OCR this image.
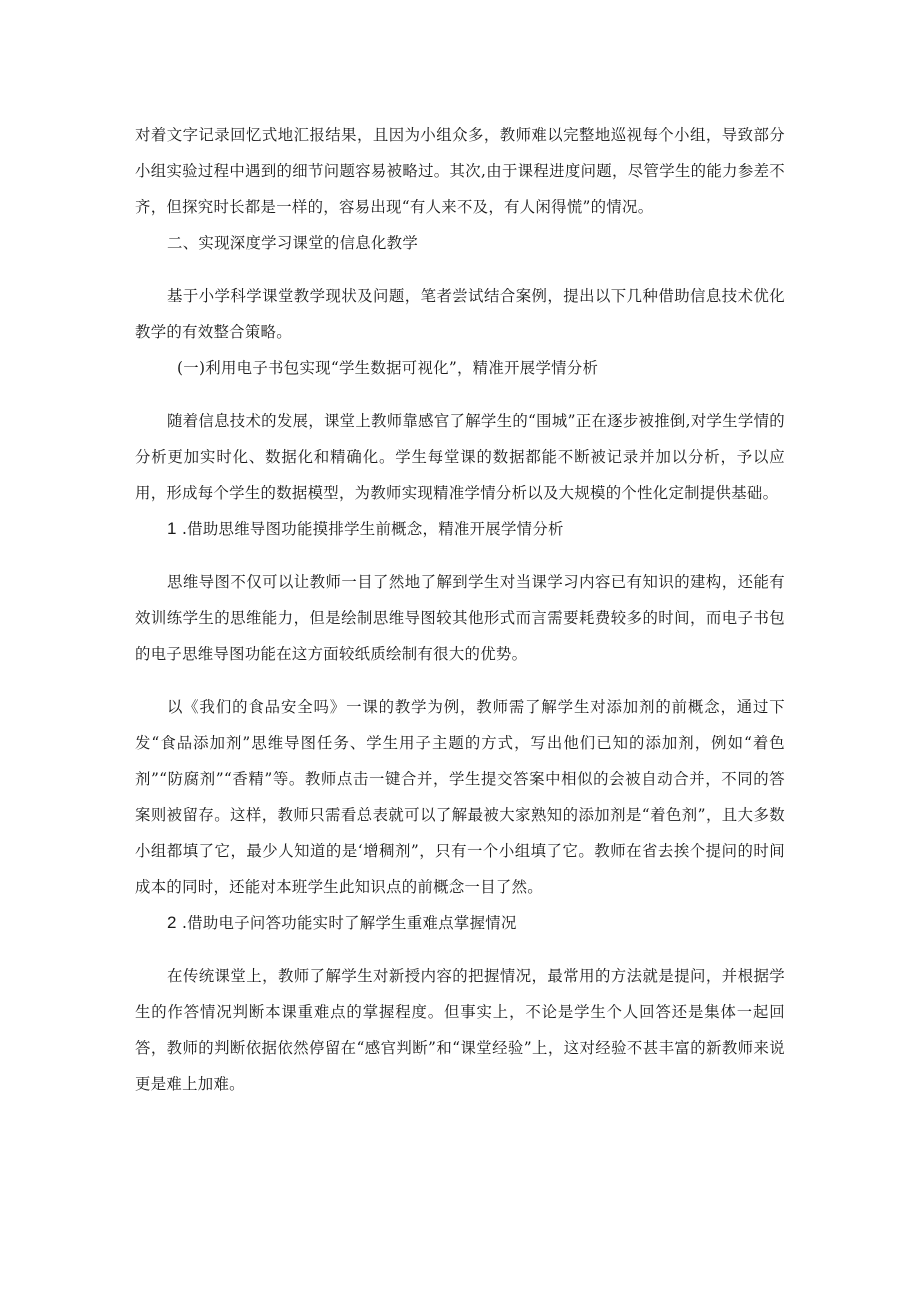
对着文字记录回忆式地汇报结果，且因为小组众多，教师难以完整地巡视每个小组，导致部分小组实验过程中遇到的细节问题容易被略过。其次,由于课程进度问题，尽管学生的能力参差不齐，但探究时长都是一样的，容易出现“有人来不及，有人闲得慌”的情况。

二、实现深度学习课堂的信息化教学

基于小学科学课堂教学现状及问题，笔者尝试结合案例，提出以下几种借助信息技术优化教学的有效整合策略。

(一)利用电子书包实现“学生数据可视化”，精准开展学情分析

随着信息技术的发展，课堂上教师靠感官了解学生的“围城”正在逐步被推倒,对学生学情的分析更加实时化、数据化和精确化。学生每堂课的数据都能不断被记录并加以分析，予以应用，形成每个学生的数据模型，为教师实现精准学情分析以及大规模的个性化定制提供基础。

1 .借助思维导图功能摸排学生前概念，精准开展学情分析

思维导图不仅可以让教师一目了然地了解到学生对当课学习内容已有知识的建构，还能有效训练学生的思维能力，但是绘制思维导图较其他形式而言需要耗费较多的时间，而电子书包的电子思维导图功能在这方面较纸质绘制有很大的优势。

以《我们的食品安全吗》一课的教学为例，教师需了解学生对添加剂的前概念，通过下发“食品添加剂”思维导图任务、学生用子主题的方式，写出他们已知的添加剂，例如“着色剂”“防腐剂”“香精”等。教师点击一键合并，学生提交答案中相似的会被自动合并，不同的答案则被留存。这样，教师只需看总表就可以了解最被大家熟知的添加剂是“着色剂”，且大多数小组都填了它，最少人知道的是‘增稠剂”，只有一个小组填了它。教师在省去挨个提问的时间成本的同时，还能对本班学生此知识点的前概念一目了然。

2 .借助电子问答功能实时了解学生重难点掌握情况

在传统课堂上，教师了解学生对新授内容的把握情况，最常用的方法就是提问，并根据学生的作答情况判断本课重难点的掌握程度。但事实上，不论是学生个人回答还是集体一起回答，教师的判断依据依然停留在“感官判断”和“课堂经验”上，这对经验不甚丰富的新教师来说更是难上加难。
